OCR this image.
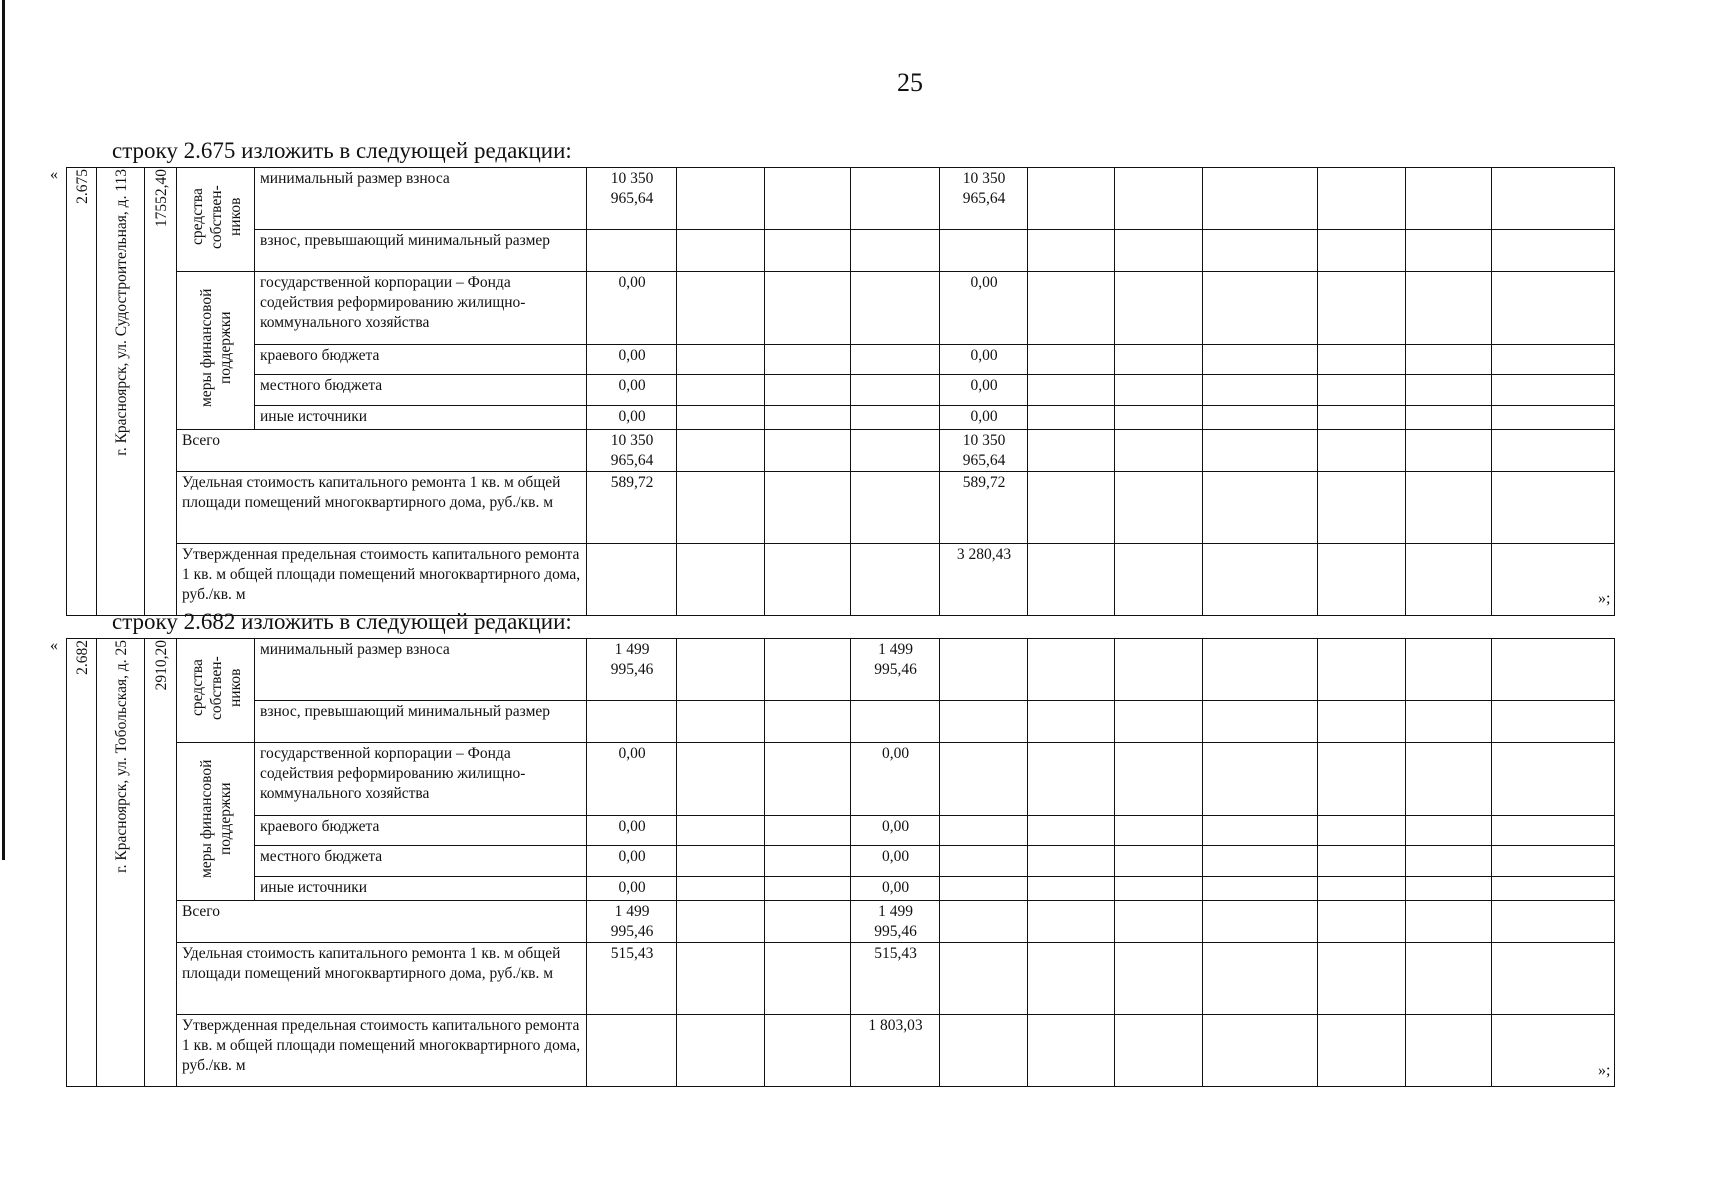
25
строку 2.675 изложить в следующей редакции:
«
»;
2.675	г. Красноярск, ул. Судостроительная, д. 113	17552,40	средства собствен-ников	минимальный размер взноса	10 350 965,64				10 350 965,64						
				взнос, превышающий минимальный размер											
			меры финансовой поддержки	государственной корпорации – Фонда содействия реформированию жилищно-коммунального хозяйства	0,00				0,00						
				краевого бюджета	0,00				0,00						
				местного бюджета	0,00				0,00						
				иные источники	0,00				0,00						
			Всего		10 350 965,64				10 350 965,64						
			Удельная стоимость капитального ремонта 1 кв. м общей площади помещений многоквартирного дома, руб./кв. м		589,72				589,72						
			Утвержденная предельная стоимость капитального ремонта 1 кв. м общей площади помещений многоквартирного дома, руб./кв. м						3 280,43						
строку 2.682 изложить в следующей редакции:
«
»;
2.682	г. Красноярск, ул. Тобольская, д. 25	2910,20	средства собствен-ников	минимальный размер взноса	1 499 995,46			1 499 995,46							
				взнос, превышающий минимальный размер											
			меры финансовой поддержки	государственной корпорации – Фонда содействия реформированию жилищно-коммунального хозяйства	0,00			0,00							
				краевого бюджета	0,00			0,00							
				местного бюджета	0,00			0,00							
				иные источники	0,00			0,00							
			Всего		1 499 995,46			1 499 995,46							
			Удельная стоимость капитального ремонта 1 кв. м общей площади помещений многоквартирного дома, руб./кв. м		515,43			515,43							
			Утвержденная предельная стоимость капитального ремонта 1 кв. м общей площади помещений многоквартирного дома, руб./кв. м					1 803,03							
